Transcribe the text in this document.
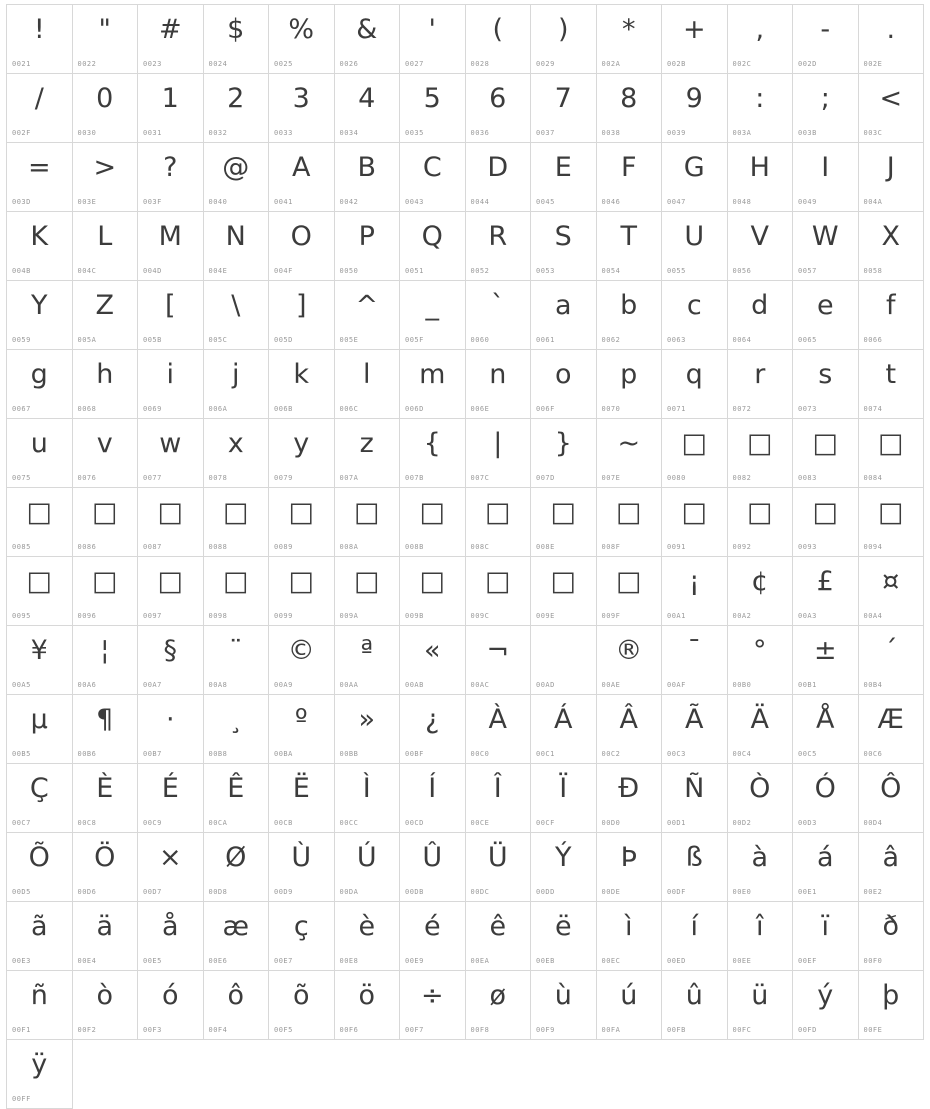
!
0021
"
0022
#
0023
$
0024
%
0025
&
0026
'
0027
(
0028
)
0029
*
002A
+
002B
,
002C
-
002D
.
002E
/
002F
0
0030
1
0031
2
0032
3
0033
4
0034
5
0035
6
0036
7
0037
8
0038
9
0039
:
003A
;
003B
<
003C
=
003D
>
003E
?
003F
@
0040
A
0041
B
0042
C
0043
D
0044
E
0045
F
0046
G
0047
H
0048
I
0049
J
004A
K
004B
L
004C
M
004D
N
004E
O
004F
P
0050
Q
0051
R
0052
S
0053
T
0054
U
0055
V
0056
W
0057
X
0058
Y
0059
Z
005A
[
005B
\
005C
]
005D
^
005E
_
005F
`
0060
a
0061
b
0062
c
0063
d
0064
e
0065
f
0066
g
0067
h
0068
i
0069
j
006A
k
006B
l
006C
m
006D
n
006E
o
006F
p
0070
q
0071
r
0072
s
0073
t
0074
u
0075
v
0076
w
0077
x
0078
y
0079
z
007A
{
007B
|
007C
}
007D
~
007E
□
0080
□
0082
□
0083
□
0084
□
0085
□
0086
□
0087
□
0088
□
0089
□
008A
□
008B
□
008C
□
008E
□
008F
□
0091
□
0092
□
0093
□
0094
□
0095
□
0096
□
0097
□
0098
□
0099
□
009A
□
009B
□
009C
□
009E
□
009F
¡
00A1
¢
00A2
£
00A3
¤
00A4
¥
00A5
¦
00A6
§
00A7
¨
00A8
©
00A9
ª
00AA
«
00AB
¬
00AC	00AD
®
00AE
¯
00AF
°
00B0
±
00B1
´
00B4
µ
00B5
¶
00B6
·
00B7
¸
00B8
º
00BA
»
00BB
¿
00BF
À
00C0
Á
00C1
Â
00C2
Ã
00C3
Ä
00C4
Å
00C5
Æ
00C6
Ç
00C7
È
00C8
É
00C9
Ê
00CA
Ë
00CB
Ì
00CC
Í
00CD
Î
00CE
Ï
00CF
Ð
00D0
Ñ
00D1
Ò
00D2
Ó
00D3
Ô
00D4
Õ
00D5
Ö
00D6
×
00D7
Ø
00D8
Ù
00D9
Ú
00DA
Û
00DB
Ü
00DC
Ý
00DD
Þ
00DE
ß
00DF
à
00E0
á
00E1
â
00E2
ã
00E3
ä
00E4
å
00E5
æ
00E6
ç
00E7
è
00E8
é
00E9
ê
00EA
ë
00EB
ì
00EC
í
00ED
î
00EE
ï
00EF
ð
00F0
ñ
00F1
ò
00F2
ó
00F3
ô
00F4
õ
00F5
ö
00F6
÷
00F7
ø
00F8
ù
00F9
ú
00FA
û
00FB
ü
00FC
ý
00FD
þ
00FE
ÿ
00FF
